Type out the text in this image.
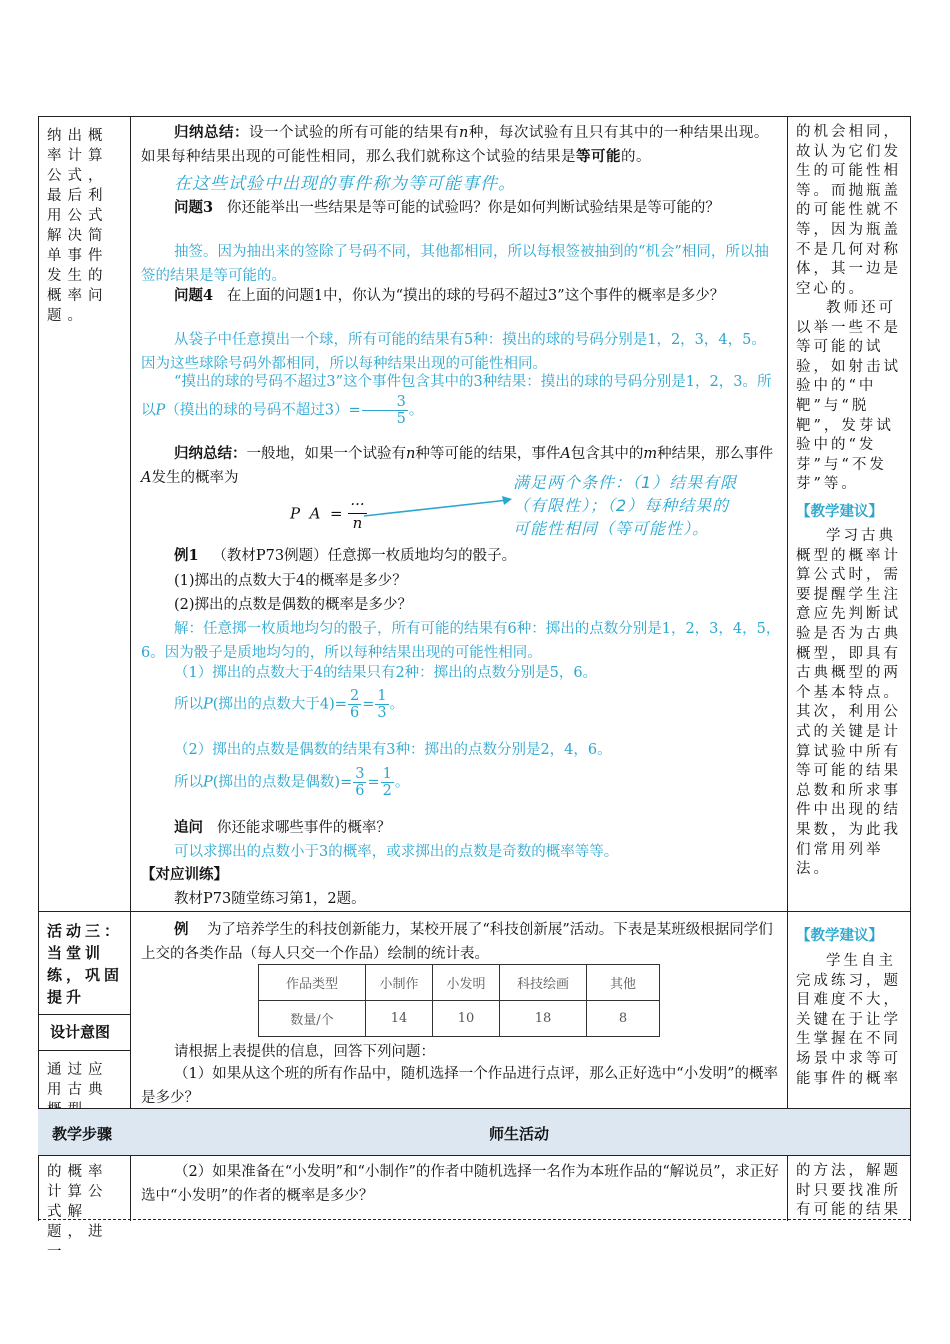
纳出概率计算公式，最后利用公式解决简单事件发生的概率问题。
活动三：当堂训练，巩固提升
设计意图
通过应用古典
的概率计算公式解题，进一
的机会相同，故认为它们发生的可能性相等。而抛瓶盖的可能性就不等，因为瓶盖不是几何对称体，其一边是空心的。
教师还可以举一些不是等可能的试验，如射击试验中的“中靶”与“脱靶”，发芽试验中的“发芽”与“不发芽”等。
【教学建议】
学习古典概型的概率计算公式时，需要提醒学生注意应先判断试验是否为古典概型，即具有古典概型的两个基本特点。其次，利用公式的关键是计算试验中所有等可能的结果总数和所求事件中出现的结果数，为此我们常用列举法。
【教学建议】
学生自主完成练习，题目难度不大，关键在于让学生掌握在不同场景中求等可能事件的概率
的方法，解题时只要找准所有可能的结果
归纳总结：设一个试验的所有可能的结果有n种，每次试验有且只有其中的一种结果出现。如果每种结果出现的可能性相同，那么我们就称这个试验的结果是等可能的。
在这些试验中出现的事件称为等可能事件。
问题3 你还能举出一些结果是等可能的试验吗？你是如何判断试验结果是等可能的？
抽签。因为抽出来的签除了号码不同，其他都相同，所以每根签被抽到的“机会”相同，所以抽签的结果是等可能的。
问题4 在上面的问题1中，你认为“摸出的球的号码不超过3”这个事件的概率是多少？
从袋子中任意摸出一个球，所有可能的结果有5种：摸出的球的号码分别是1，2，3，4，5。因为这些球除号码外都相同，所以每种结果出现的可能性相同。
“摸出的球的号码不超过3”这个事件包含其中的3种结果：摸出的球的号码分别是1，2，3。所以P（摸出的球的号码不超过$3)= \frac{3}{5}$ 。
归纳总结：一般地，如果一个试验有n种等可能的结果，事件A包含其中的m种结果，那么事件A发生的概率为
P  $A = \frac{\cdot\cdot\cdot}{n}$
满足两个条件：（1）结果有限
（有限性）；（2）每种结果的
可能性相同（等可能性）。
例1 （教材P73例题）任意掷一枚质地均匀的骰子。
(1)掷出的点数大于4的概率是多少？
(2)掷出的点数是偶数的概率是多少？
解：任意掷一枚质地均匀的骰子，所有可能的结果有6种：掷出的点数分别是1，2，3，4，5，6。因为骰子是质地均匀的，所以每种结果出现的可能性相同。
（1）掷出的点数大于4的结果只有2种：掷出的点数分别是5，6。
所以P(掷出的点数大于$4)= \frac{2}{6} = \frac{1}{3}$ 。
（2）掷出的点数是偶数的结果有3种：掷出的点数分别是2，4，6。
所以P(掷出的点数是偶数)= $\frac{3}{6} = \frac{1}{2}$ 。
追问 你还能求哪些事件的概率？
可以求掷出的点数小于3的概率，或求掷出的点数是奇数的概率等等。
【对应训练】
教材P73随堂练习第1，2题。
例 为了培养学生的科技创新能力，某校开展了“科技创新展”活动。下表是某班级根据同学们上交的各类作品（每人只交一个作品）绘制的统计表。
作品类型	小制作	小发明	科技绘画	其他
数量/个	14	10	18	8
请根据上表提供的信息，回答下列问题：
（1）如果从这个班的所有作品中，随机选择一个作品进行点评，那么正好选中“小发明”的概率是多少？
教学步骤	师生活动
（2）如果准备在“小发明”和“小制作”的作者中随机选择一名作为本班作品的“解说员”，求正好选中“小发明”的作者的概率是多少？
